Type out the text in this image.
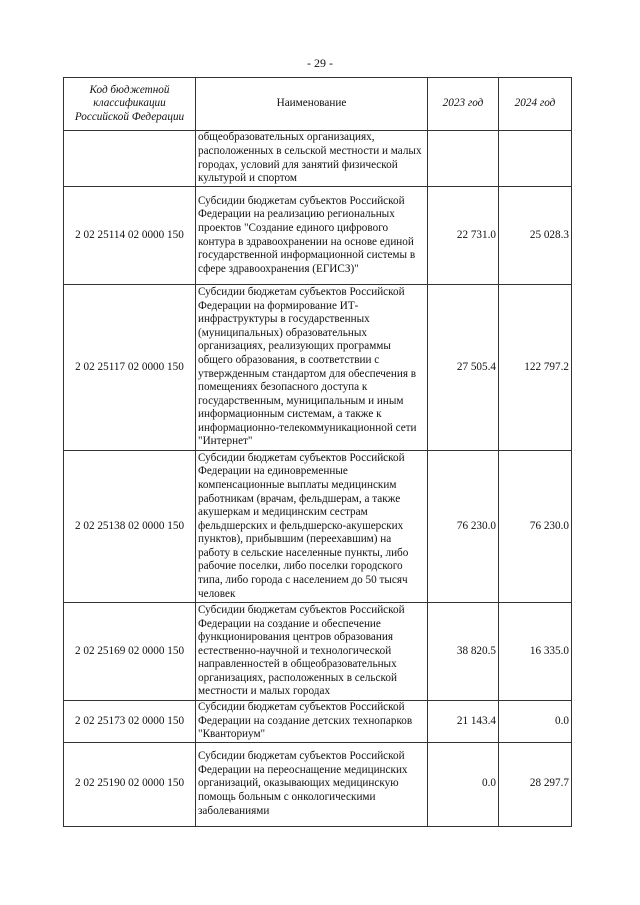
- 29 -
Код бюджетной классификации Российской Федерации	Наименование	2023 год	2024 год
	общеобразовательных организациях, расположенных в сельской местности и малых городах, условий для занятий физической культурой и спортом		
2 02 25114 02 0000 150	Субсидии бюджетам субъектов Российской Федерации на реализацию региональных проектов "Создание единого цифрового контура в здравоохранении на основе единой государственной информационной системы в сфере здравоохранения (ЕГИСЗ)"	22 731.0	25 028.3
2 02 25117 02 0000 150	Субсидии бюджетам субъектов Российской Федерации на формирование ИТ-инфраструктуры в государственных (муниципальных) образовательных организациях, реализующих программы общего образования, в соответствии с утвержденным стандартом для обеспечения в помещениях безопасного доступа к государственным, муниципальным и иным информационным системам, а также к информационно-телекоммуникационной сети "Интернет"	27 505.4	122 797.2
2 02 25138 02 0000 150	Субсидии бюджетам субъектов Российской Федерации на единовременные компенсационные выплаты медицинским работникам (врачам, фельдшерам, а также акушеркам и медицинским сестрам фельдшерских и фельдшерско-акушерских пунктов), прибывшим (переехавшим) на работу в сельские населенные пункты, либо рабочие поселки, либо поселки городского типа, либо города с населением до 50 тысяч человек	76 230.0	76 230.0
2 02 25169 02 0000 150	Субсидии бюджетам субъектов Российской Федерации на создание и обеспечение функционирования центров образования естественно-научной и технологической направленностей в общеобразовательных организациях, расположенных в сельской местности и малых городах	38 820.5	16 335.0
2 02 25173 02 0000 150	Субсидии бюджетам субъектов Российской Федерации на создание детских технопарков "Кванториум"	21 143.4	0.0
2 02 25190 02 0000 150	Субсидии бюджетам субъектов Российской Федерации на переоснащение медицинских организаций, оказывающих медицинскую помощь больным с онкологическими заболеваниями	0.0	28 297.7
